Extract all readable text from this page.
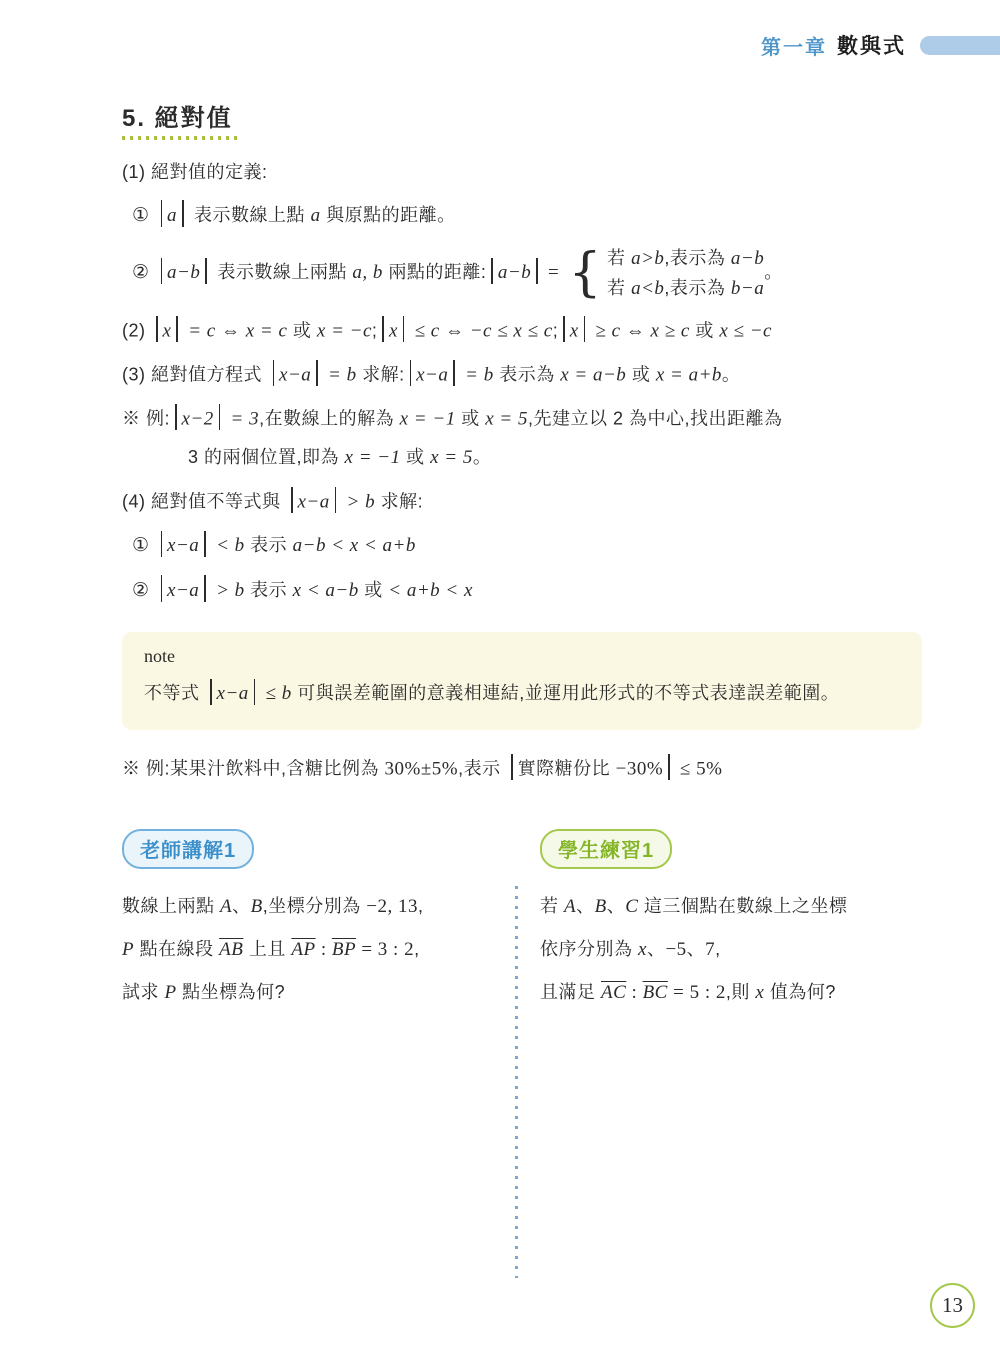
第一章 數與式
5. 絕對值
(1) 絕對值的定義:
① a 表示數線上點 a 與原點的距離。
② a−b 表示數線上兩點 a, b 兩點的距離: a−b = { 若 a>b,表示為 a−b
若 a<b,表示為 b−a
。
(2) x = c ⇔ x = c 或 x = −c; x ≤ c ⇔ −c ≤ x ≤ c; x ≥ c ⇔ x ≥ c 或 x ≤ −c
(3) 絕對值方程式 x−a = b 求解: x−a = b 表示為 x = a−b 或 x = a+b。
※ 例: x−2 = 3,在數線上的解為 x = −1 或 x = 5,先建立以 2 為中心,找出距離為
3 的兩個位置,即為 x = −1 或 x = 5。
(4) 絕對值不等式與 x−a > b 求解:
① x−a < b 表示 a−b < x < a+b
② x−a > b 表示 x < a−b 或 < a+b < x
note
不等式 x−a ≤ b 可與誤差範圍的意義相連結,並運用此形式的不等式表達誤差範圍。
※ 例:某果汁飲料中,含糖比例為 30%±5%,表示 實際糖份比 −30% ≤ 5%
老師講解1
數線上兩點 A、B,坐標分別為 −2, 13,
P 點在線段 $\overline{AB}$ 上且 $\overline{AP}$ : $\overline{BP} = 3$ : 2,
試求 P 點坐標為何?
學生練習1
若 A、B、C 這三個點在數線上之坐標
依序分別為 x、−5、7,
且滿足 $\overline{AC}$ : $\overline{BC} = 5$ : 2,則 x 值為何?
13
